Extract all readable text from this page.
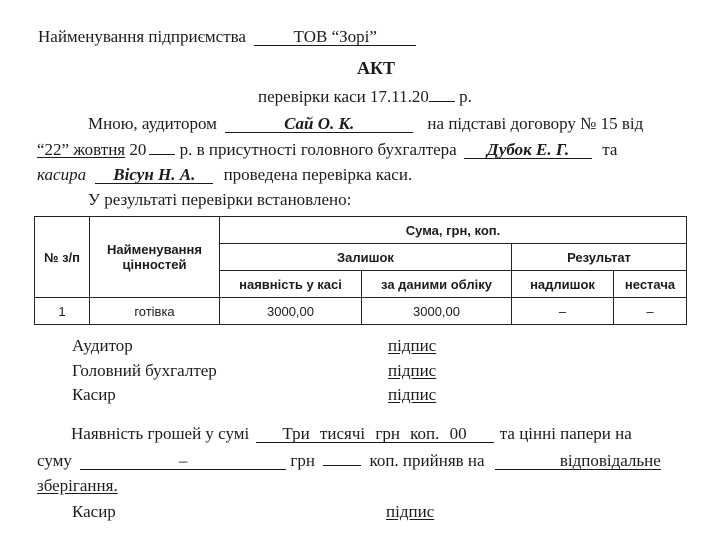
Найменування підприємства	ТОВ “Зорі”
АКТ
перевірки каси 17.11.20 р.
Мною, аудитором	Сай О. К.	на підставі договору № 15 від
“22” жовтня 20 р. в присутності головного бухгалтера Дубок Е. Г. та
касира Вісун Н. А. проведена перевірка каси.
У результаті перевірки встановлено:
№ з/п	Найменування цінностей	Сума, грн, коп.			
		Залишок		Результат	
		наявність у касі	за даними обліку	надлишок	нестача
1	готівка	3000,00	3000,00	–	–
Аудитор	підпис
Головний бухгалтер	підпис
Касир	підпис
Наявність грошей у сумі Три тисячі грн коп. 00 та цінні папери на
суму	–	грн	коп. прийняв на	відповідальне
зберігання.
Касир	підпис
